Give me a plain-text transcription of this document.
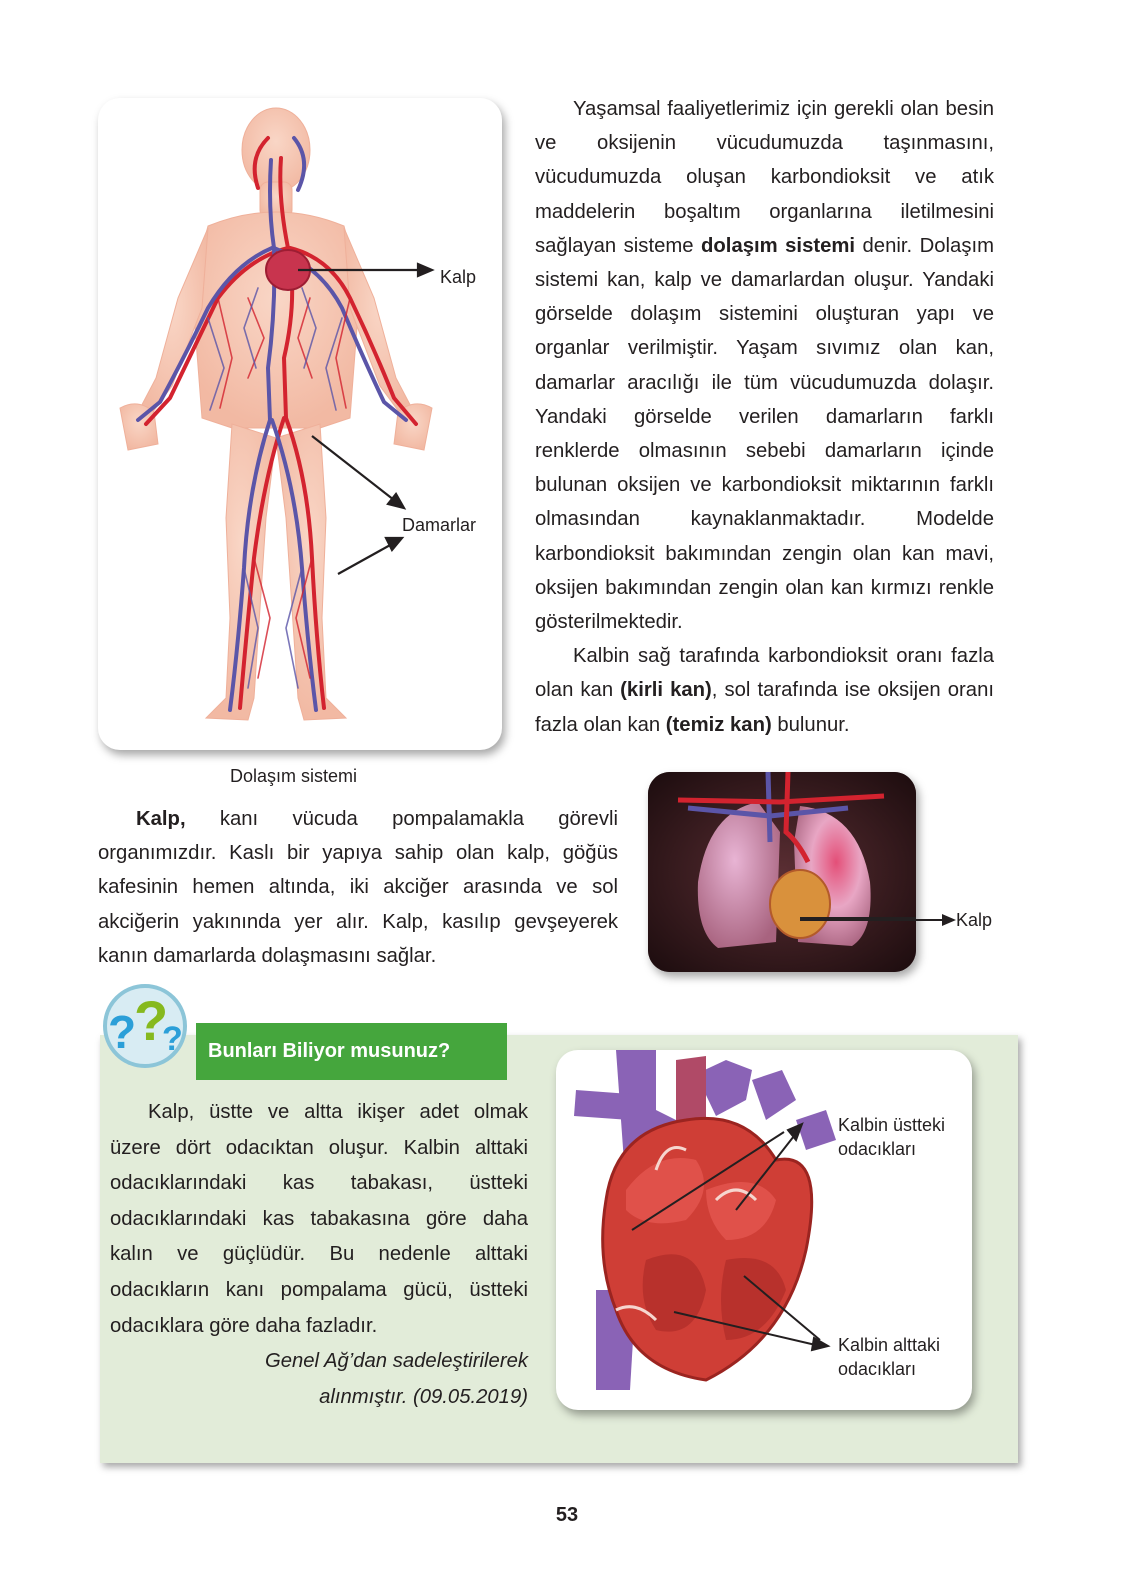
Kalp
Damarlar
Dolaşım sistemi

Yaşamsal faaliyetlerimiz için gerekli olan besin ve oksijenin vücudumuzda taşınmasını, vücudumuzda oluşan karbondioksit ve atık maddelerin boşaltım organlarına iletilmesini sağlayan sisteme dolaşım sistemi denir. Dolaşım sistemi kan, kalp ve damarlardan oluşur. Yandaki görselde dolaşım sistemini oluşturan yapı ve organlar verilmiştir. Yaşam sıvımız olan kan, damarlar aracılığı ile tüm vücudumuzda dolaşır. Yandaki görselde verilen damarların farklı renklerde olmasının sebebi damarların içinde bulunan oksijen ve karbondioksit miktarının farklı olmasından kaynaklanmaktadır. Modelde karbondioksit bakımından zengin olan kan mavi, oksijen bakımından zengin olan kan kırmızı renkle gösterilmektedir.

Kalbin sağ tarafında karbondioksit oranı fazla olan kan (kirli kan), sol tarafında ise oksijen oranı fazla olan kan (temiz kan) bulunur.

Kalp, kanı vücuda pompalamakla görevli organımızdır. Kaslı bir yapıya sahip olan kalp, göğüs kafesinin hemen altında, iki akciğer arasında ve sol akciğerin yakınında yer alır. Kalp, kasılıp gevşeyerek kanın damarlarda dolaşmasını sağlar.

Kalp
?
?
?	Bunları Biliyor musunuz?

Kalp, üstte ve altta ikişer adet olmak üzere dört odacıktan oluşur. Kalbin alttaki odacıklarındaki kas tabakası, üstteki odacıklarındaki kas tabakasına göre daha kalın ve güçlüdür. Bu nedenle alttaki odacıkların kanı pompalama gücü, üstteki odacıklara göre daha fazladır.

Genel Ağ’dan sadeleştirilerek

alınmıştır. (09.05.2019)

Kalbin üstteki
odacıkları
Kalbin alttaki
odacıkları
53
